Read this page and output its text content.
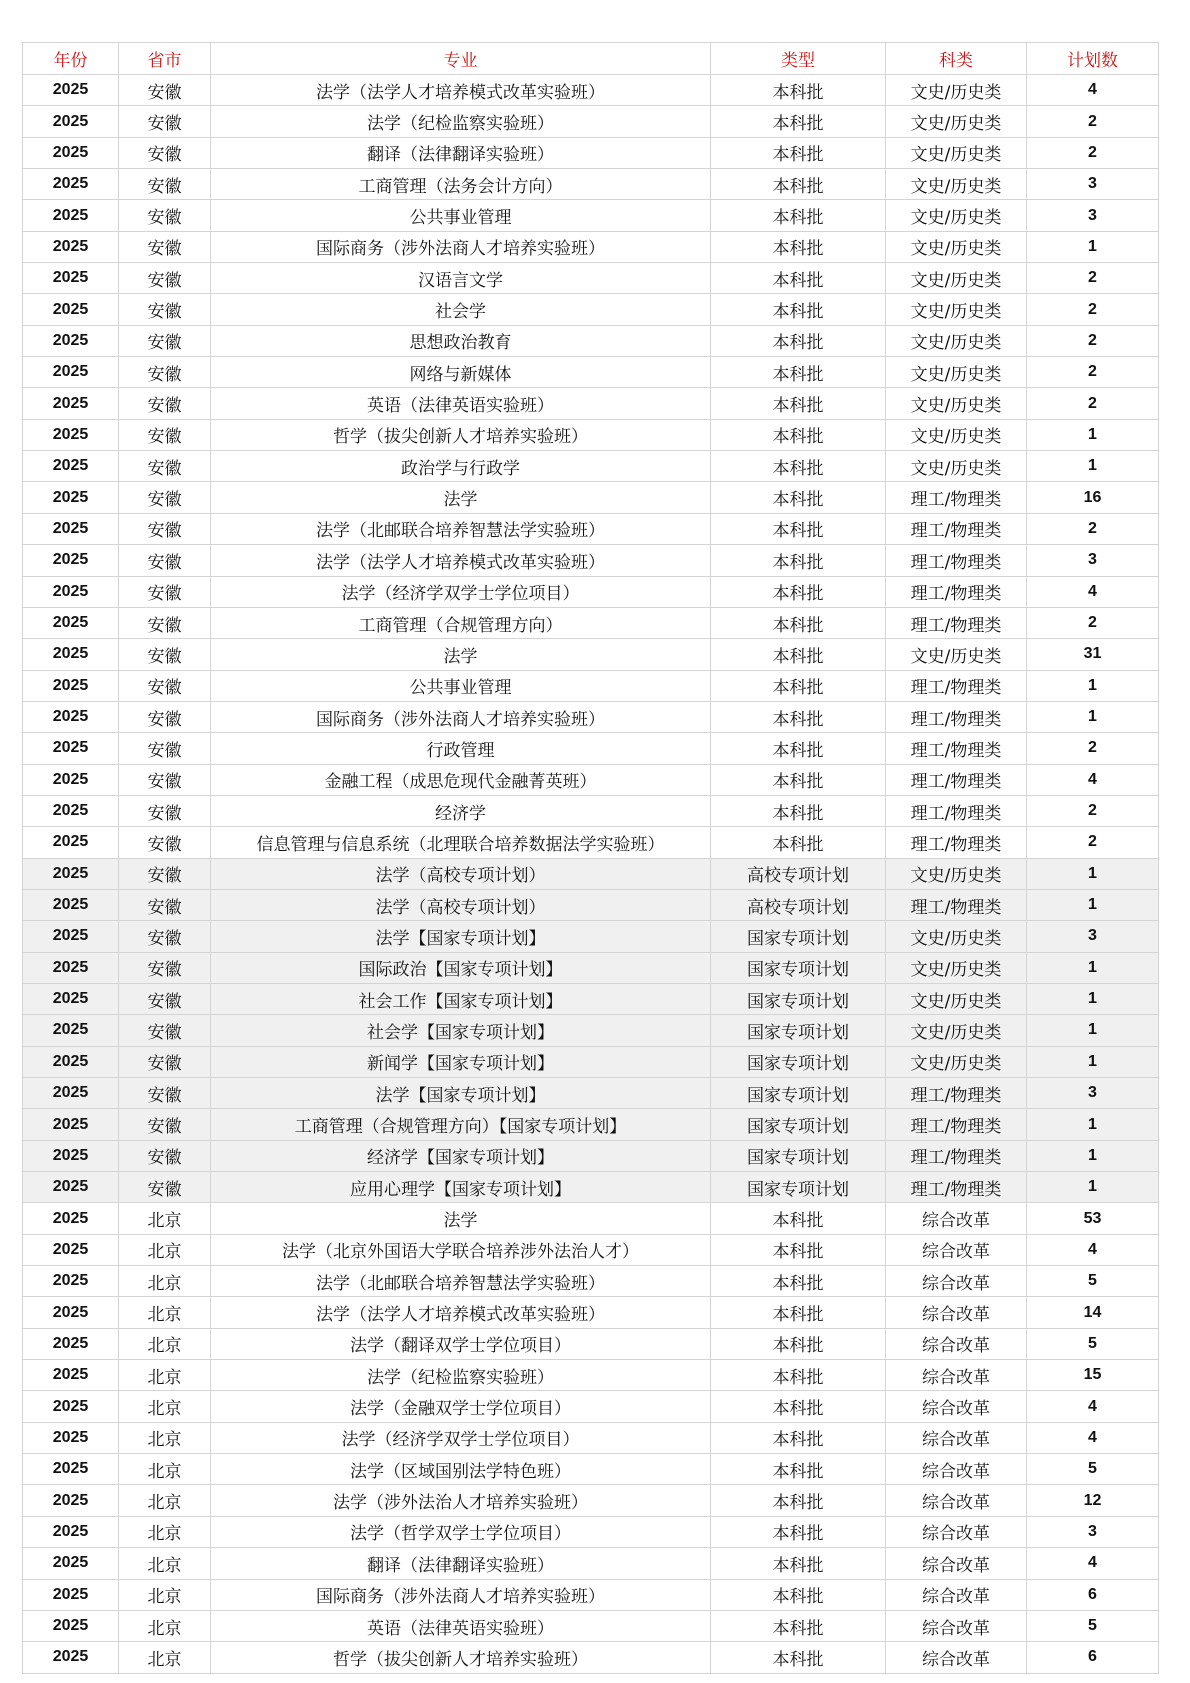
年份	省市	专业	类型	科类	计划数
2025	安徽	法学（法学人才培养模式改革实验班）	本科批	文史/历史类	4
2025	安徽	法学（纪检监察实验班）	本科批	文史/历史类	2
2025	安徽	翻译（法律翻译实验班）	本科批	文史/历史类	2
2025	安徽	工商管理（法务会计方向）	本科批	文史/历史类	3
2025	安徽	公共事业管理	本科批	文史/历史类	3
2025	安徽	国际商务（涉外法商人才培养实验班）	本科批	文史/历史类	1
2025	安徽	汉语言文学	本科批	文史/历史类	2
2025	安徽	社会学	本科批	文史/历史类	2
2025	安徽	思想政治教育	本科批	文史/历史类	2
2025	安徽	网络与新媒体	本科批	文史/历史类	2
2025	安徽	英语（法律英语实验班）	本科批	文史/历史类	2
2025	安徽	哲学（拔尖创新人才培养实验班）	本科批	文史/历史类	1
2025	安徽	政治学与行政学	本科批	文史/历史类	1
2025	安徽	法学	本科批	理工/物理类	16
2025	安徽	法学（北邮联合培养智慧法学实验班）	本科批	理工/物理类	2
2025	安徽	法学（法学人才培养模式改革实验班）	本科批	理工/物理类	3
2025	安徽	法学（经济学双学士学位项目）	本科批	理工/物理类	4
2025	安徽	工商管理（合规管理方向）	本科批	理工/物理类	2
2025	安徽	法学	本科批	文史/历史类	31
2025	安徽	公共事业管理	本科批	理工/物理类	1
2025	安徽	国际商务（涉外法商人才培养实验班）	本科批	理工/物理类	1
2025	安徽	行政管理	本科批	理工/物理类	2
2025	安徽	金融工程（成思危现代金融菁英班）	本科批	理工/物理类	4
2025	安徽	经济学	本科批	理工/物理类	2
2025	安徽	信息管理与信息系统（北理联合培养数据法学实验班）	本科批	理工/物理类	2
2025	安徽	法学（高校专项计划）	高校专项计划	文史/历史类	1
2025	安徽	法学（高校专项计划）	高校专项计划	理工/物理类	1
2025	安徽	法学【国家专项计划】	国家专项计划	文史/历史类	3
2025	安徽	国际政治【国家专项计划】	国家专项计划	文史/历史类	1
2025	安徽	社会工作【国家专项计划】	国家专项计划	文史/历史类	1
2025	安徽	社会学【国家专项计划】	国家专项计划	文史/历史类	1
2025	安徽	新闻学【国家专项计划】	国家专项计划	文史/历史类	1
2025	安徽	法学【国家专项计划】	国家专项计划	理工/物理类	3
2025	安徽	工商管理（合规管理方向）【国家专项计划】	国家专项计划	理工/物理类	1
2025	安徽	经济学【国家专项计划】	国家专项计划	理工/物理类	1
2025	安徽	应用心理学【国家专项计划】	国家专项计划	理工/物理类	1
2025	北京	法学	本科批	综合改革	53
2025	北京	法学（北京外国语大学联合培养涉外法治人才）	本科批	综合改革	4
2025	北京	法学（北邮联合培养智慧法学实验班）	本科批	综合改革	5
2025	北京	法学（法学人才培养模式改革实验班）	本科批	综合改革	14
2025	北京	法学（翻译双学士学位项目）	本科批	综合改革	5
2025	北京	法学（纪检监察实验班）	本科批	综合改革	15
2025	北京	法学（金融双学士学位项目）	本科批	综合改革	4
2025	北京	法学（经济学双学士学位项目）	本科批	综合改革	4
2025	北京	法学（区域国别法学特色班）	本科批	综合改革	5
2025	北京	法学（涉外法治人才培养实验班）	本科批	综合改革	12
2025	北京	法学（哲学双学士学位项目）	本科批	综合改革	3
2025	北京	翻译（法律翻译实验班）	本科批	综合改革	4
2025	北京	国际商务（涉外法商人才培养实验班）	本科批	综合改革	6
2025	北京	英语（法律英语实验班）	本科批	综合改革	5
2025	北京	哲学（拔尖创新人才培养实验班）	本科批	综合改革	6
